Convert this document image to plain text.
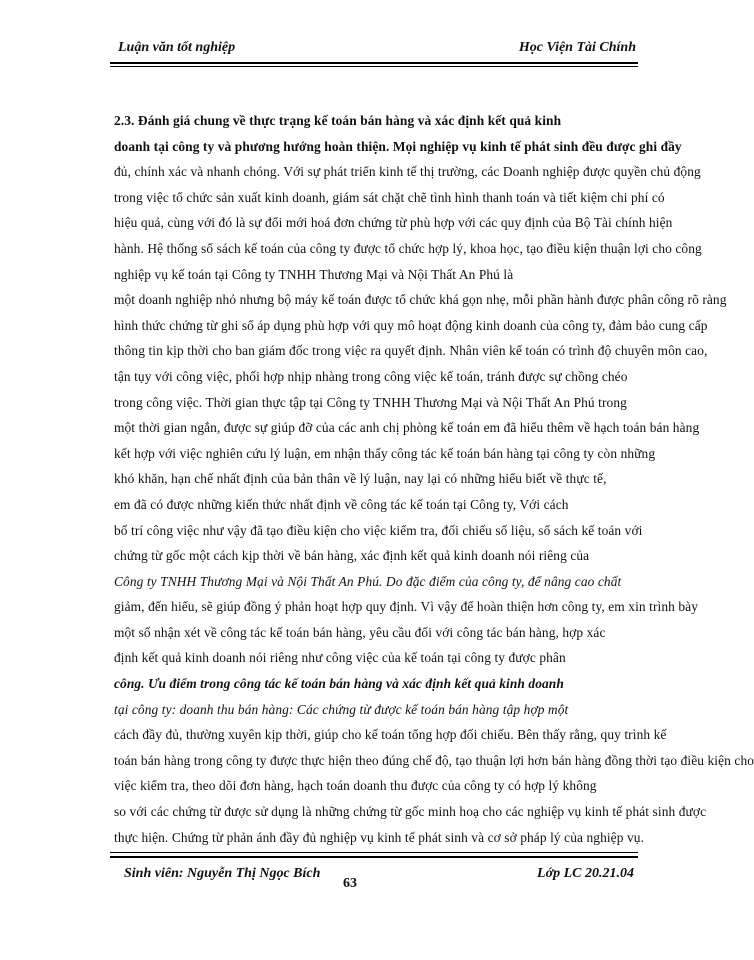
Luận văn tốt nghiệp	Học Viện Tài Chính
2.3. Đánh giá chung về thực trạng kế toán bán hàng và xác định kết quả kinh
doanh tại công ty và phương hướng hoàn thiện. Mọi nghiệp vụ kinh tế phát sinh đều được ghi đầy
đủ, chính xác và nhanh chóng. Với sự phát triển kinh tế thị trường, các Doanh nghiệp được quyền chủ động
trong việc tổ chức sản xuất kinh doanh, giám sát chặt chẽ tình hình thanh toán và tiết kiệm chi phí có
hiệu quả, cùng với đó là sự đổi mới hoá đơn chứng từ phù hợp với các quy định của Bộ Tài chính hiện
hành. Hệ thống sổ sách kế toán của công ty được tổ chức hợp lý, khoa học, tạo điều kiện thuận lợi cho công
nghiệp vụ kế toán tại Công ty TNHH Thương Mại và Nội Thất An Phú là
một doanh nghiệp nhỏ nhưng bộ máy kế toán được tổ chức khá gọn nhẹ, mỗi phần hành được phân công rõ ràng
hình thức chứng từ ghi sổ áp dụng phù hợp với quy mô hoạt động kinh doanh của công ty, đảm bảo cung cấp
thông tin kịp thời cho ban giám đốc trong việc ra quyết định. Nhân viên kế toán có trình độ chuyên môn cao,
tận tụy với công việc, phối hợp nhịp nhàng trong công việc kế toán, tránh được sự chồng chéo
trong công việc. Thời gian thực tập tại Công ty TNHH Thương Mại và Nội Thất An Phú trong
một thời gian ngắn, được sự giúp đỡ của các anh chị phòng kế toán em đã hiểu thêm về hạch toán bán hàng
kết hợp với việc nghiên cứu lý luận, em nhận thấy công tác kế toán bán hàng tại công ty còn những
khó khăn, hạn chế nhất định của bản thân về lý luận, nay lại có những hiểu biết về thực tế,
em đã có được những kiến thức nhất định về công tác kế toán tại Công ty, Với cách
bố trí công việc như vậy đã tạo điều kiện cho việc kiểm tra, đối chiếu số liệu, sổ sách kế toán với
chứng từ gốc một cách kịp thời về bán hàng, xác định kết quả kinh doanh nói riêng của
Công ty TNHH Thương Mại và Nội Thất An Phú. Do đặc điểm của công ty, để nâng cao chất
giảm, đến hiểu, sẽ giúp đồng ý phản hoạt hợp quy định. Vì vậy để hoàn thiện hơn công ty, em xin trình bày
một số nhận xét về công tác kế toán bán hàng, yêu cầu đối với công tác bán hàng, hợp xác
định kết quả kinh doanh nói riêng như công việc của kế toán tại công ty được phân
công. Ưu điểm trong công tác kế toán bán hàng và xác định kết quả kinh doanh
tại công ty: doanh thu bán hàng: Các chứng từ được kế toán bán hàng tập hợp một
cách đầy đủ, thường xuyên kịp thời, giúp cho kế toán tổng hợp đối chiếu. Bên thấy rằng, quy trình kế
toán bán hàng trong công ty được thực hiện theo đúng chế độ, tạo thuận lợi hơn bán hàng đồng thời tạo điều kiện cho
việc kiểm tra, theo dõi đơn hàng, hạch toán doanh thu được của công ty có hợp lý không
so với các chứng từ được sử dụng là những chứng từ gốc minh hoạ cho các nghiệp vụ kinh tế phát sinh được
thực hiện. Chứng từ phản ánh đầy đủ nghiệp vụ kinh tế phát sinh và cơ sở pháp lý của nghiệp vụ.
Sinh viên: Nguyễn Thị Ngọc Bích
63
Lớp LC 20.21.04
